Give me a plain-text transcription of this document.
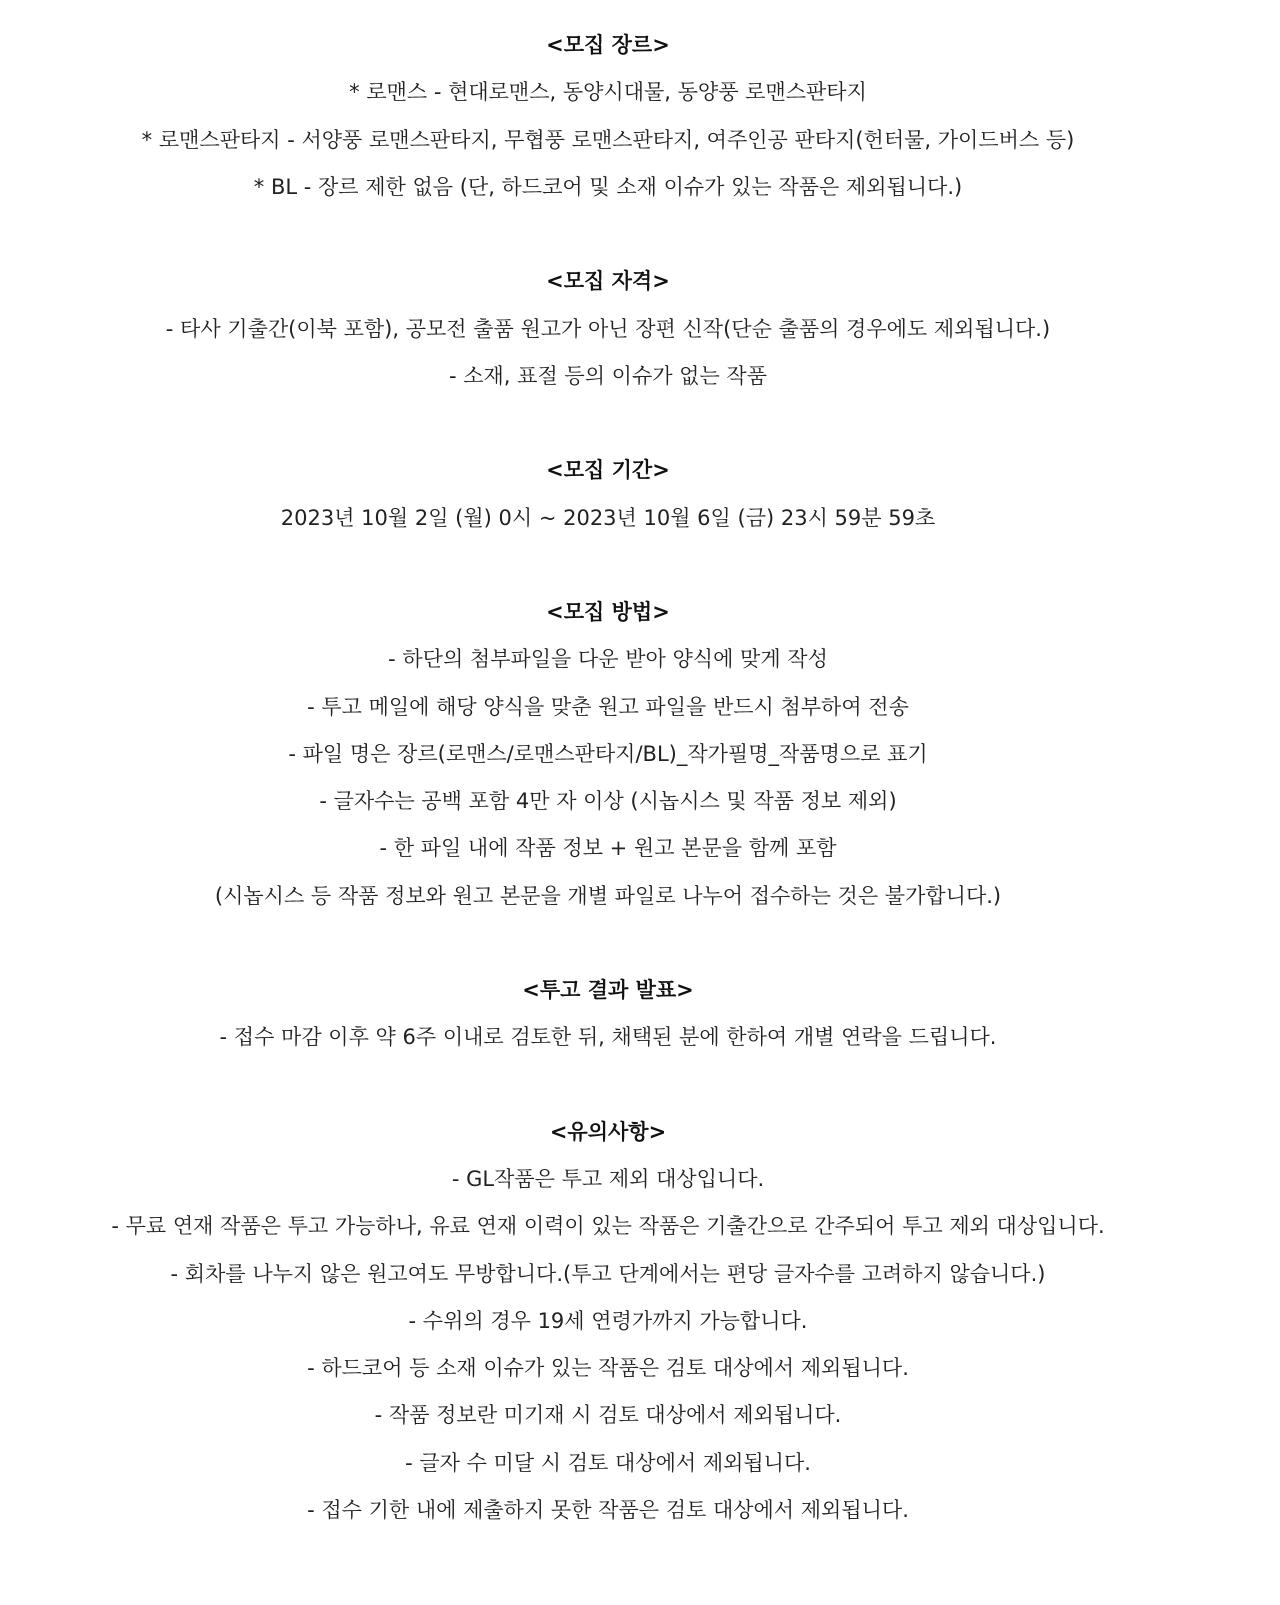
<모집 장르>
* 로맨스 - 현대로맨스, 동양시대물, 동양풍 로맨스판타지
* 로맨스판타지 - 서양풍 로맨스판타지, 무협풍 로맨스판타지, 여주인공 판타지(헌터물, 가이드버스 등)
* BL - 장르 제한 없음 (단, 하드코어 및 소재 이슈가 있는 작품은 제외됩니다.)
<모집 자격>
- 타사 기출간(이북 포함), 공모전 출품 원고가 아닌 장편 신작(단순 출품의 경우에도 제외됩니다.)
- 소재, 표절 등의 이슈가 없는 작품
<모집 기간>
2023년 10월 2일 (월) 0시 ~ 2023년 10월 6일 (금) 23시 59분 59초
<모집 방법>
- 하단의 첨부파일을 다운 받아 양식에 맞게 작성
- 투고 메일에 해당 양식을 맞춘 원고 파일을 반드시 첨부하여 전송
- 파일 명은 장르(로맨스/로맨스판타지/BL)_작가필명_작품명으로 표기
- 글자수는 공백 포함 4만 자 이상 (시놉시스 및 작품 정보 제외)
- 한 파일 내에 작품 정보 + 원고 본문을 함께 포함
(시놉시스 등 작품 정보와 원고 본문을 개별 파일로 나누어 접수하는 것은 불가합니다.)
<투고 결과 발표>
- 접수 마감 이후 약 6주 이내로 검토한 뒤, 채택된 분에 한하여 개별 연락을 드립니다.
<유의사항>
- GL작품은 투고 제외 대상입니다.
- 무료 연재 작품은 투고 가능하나, 유료 연재 이력이 있는 작품은 기출간으로 간주되어 투고 제외 대상입니다.
- 회차를 나누지 않은 원고여도 무방합니다.(투고 단계에서는 편당 글자수를 고려하지 않습니다.)
- 수위의 경우 19세 연령가까지 가능합니다.
- 하드코어 등 소재 이슈가 있는 작품은 검토 대상에서 제외됩니다.
- 작품 정보란 미기재 시 검토 대상에서 제외됩니다.
- 글자 수 미달 시 검토 대상에서 제외됩니다.
- 접수 기한 내에 제출하지 못한 작품은 검토 대상에서 제외됩니다.
